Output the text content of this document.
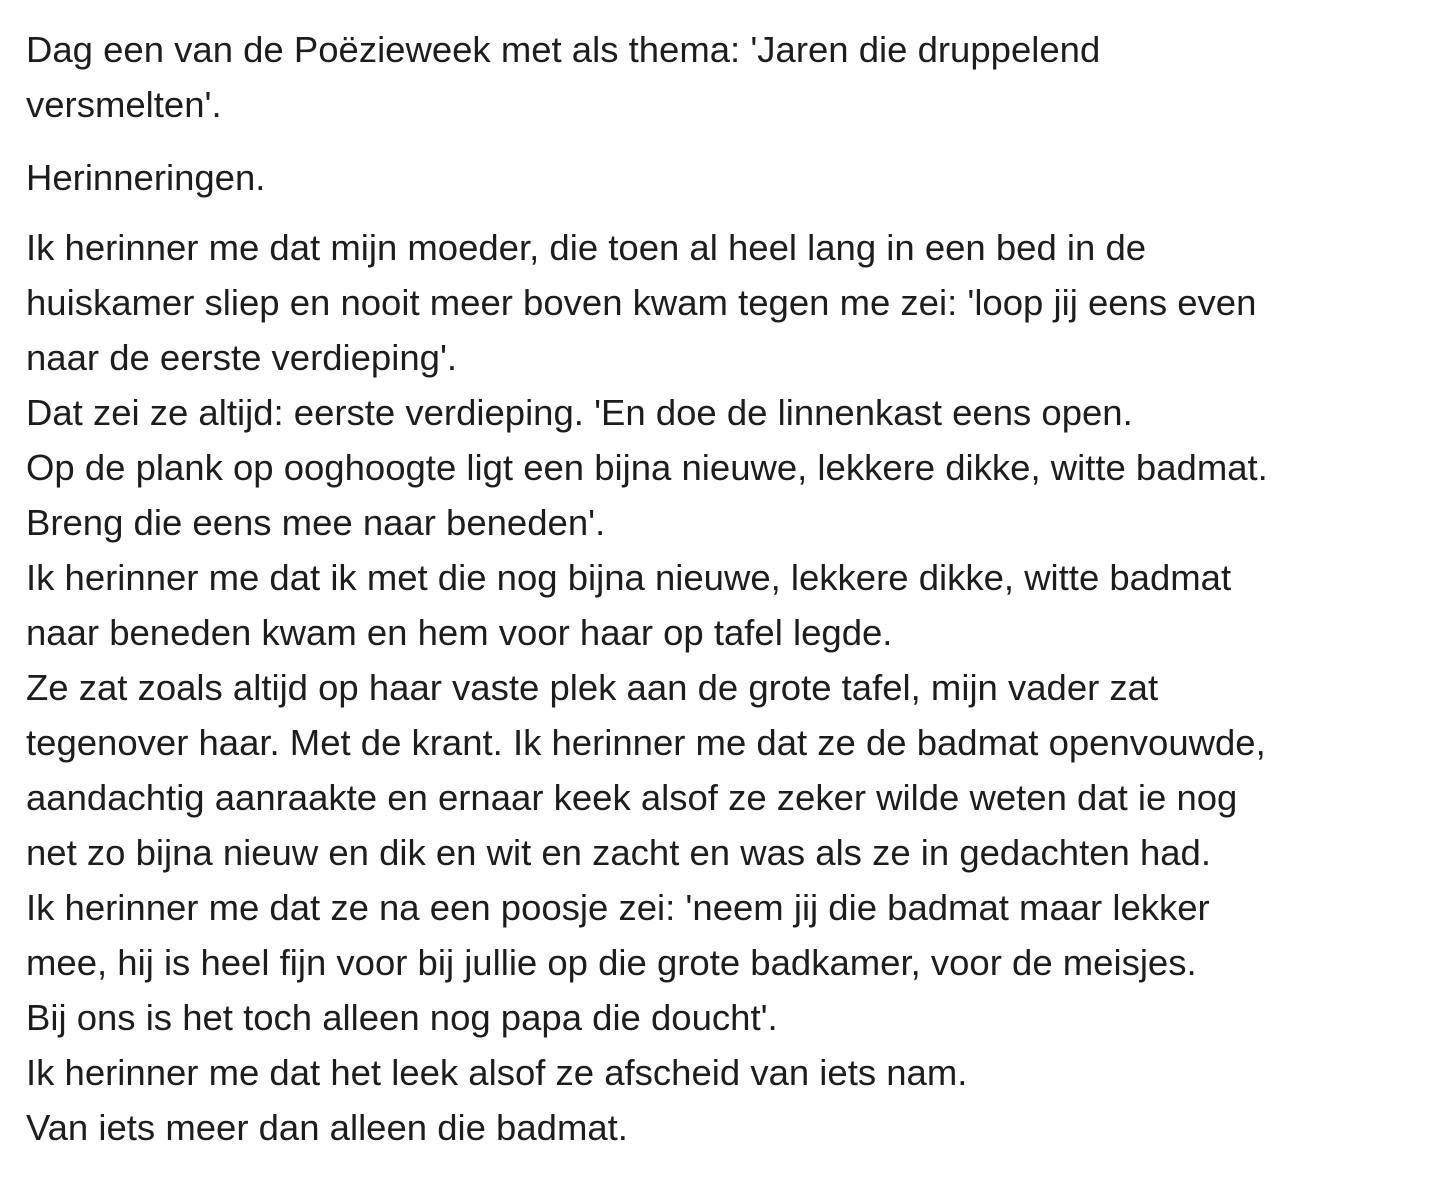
Dag een van de Poëzieweek met als thema: 'Jaren die druppelend
versmelten'.

Herinneringen.

Ik herinner me dat mijn moeder, die toen al heel lang in een bed in de
huiskamer sliep en nooit meer boven kwam tegen me zei: 'loop jij eens even
naar de eerste verdieping'.
Dat zei ze altijd: eerste verdieping. 'En doe de linnenkast eens open.
Op de plank op ooghoogte ligt een bijna nieuwe, lekkere dikke, witte badmat.
Breng die eens mee naar beneden'.
Ik herinner me dat ik met die nog bijna nieuwe, lekkere dikke, witte badmat
naar beneden kwam en hem voor haar op tafel legde.
Ze zat zoals altijd op haar vaste plek aan de grote tafel, mijn vader zat
tegenover haar. Met de krant. Ik herinner me dat ze de badmat openvouwde,
aandachtig aanraakte en ernaar keek alsof ze zeker wilde weten dat ie nog
net zo bijna nieuw en dik en wit en zacht en was als ze in gedachten had.
Ik herinner me dat ze na een poosje zei: 'neem jij die badmat maar lekker
mee, hij is heel fijn voor bij jullie op die grote badkamer, voor de meisjes.
Bij ons is het toch alleen nog papa die doucht'.
Ik herinner me dat het leek alsof ze afscheid van iets nam.
Van iets meer dan alleen die badmat.
